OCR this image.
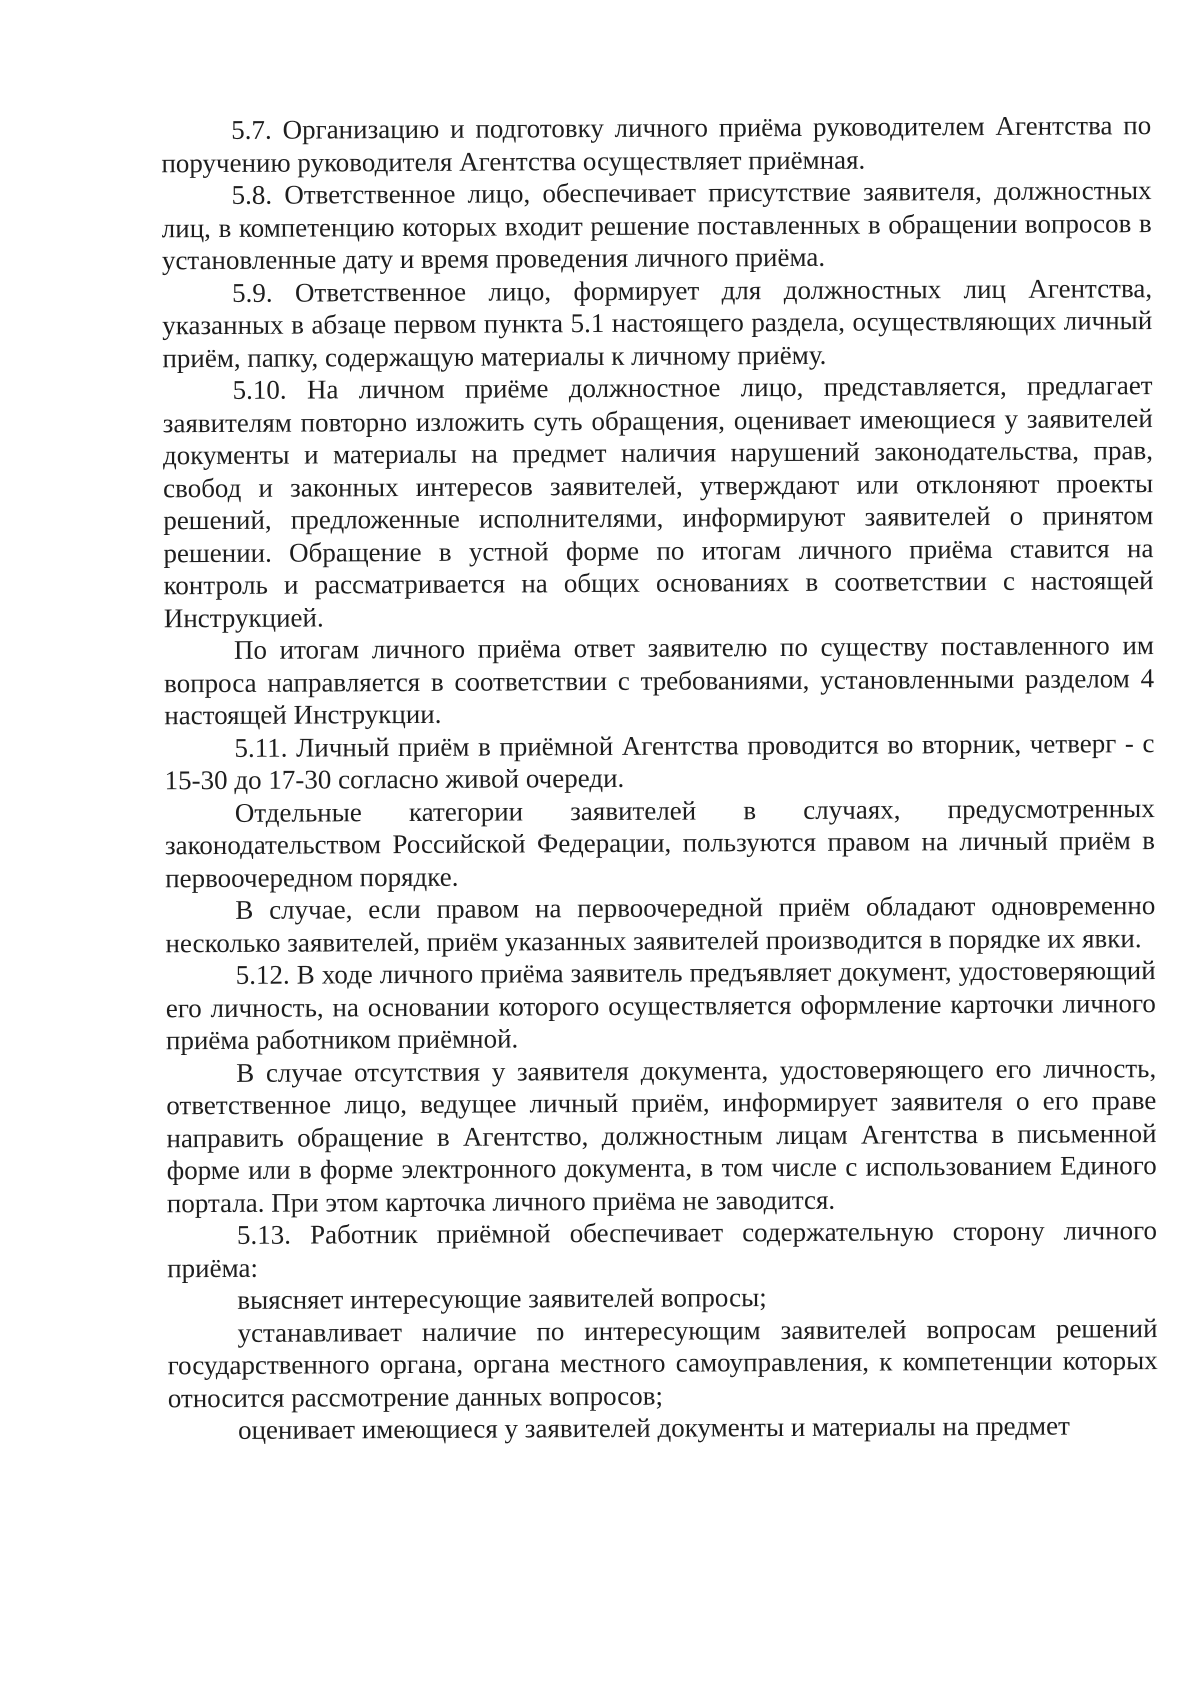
5.7. Организацию и подготовку личного приёма руководителем Агентства по поручению руководителя Агентства осуществляет приёмная.

5.8. Ответственное лицо, обеспечивает присутствие заявителя, должностных лиц, в компетенцию которых входит решение поставленных в обращении вопросов в установленные дату и время проведения личного приёма.

5.9. Ответственное лицо, формирует для должностных лиц Агентства, указанных в абзаце первом пункта 5.1 настоящего раздела, осуществляющих личный приём, папку, содержащую материалы к личному приёму.

5.10. На личном приёме должностное лицо, представляется, предлагает заявителям повторно изложить суть обращения, оценивает имеющиеся у заявителей документы и материалы на предмет наличия нарушений законодательства, прав, свобод и законных интересов заявителей, утверждают или отклоняют проекты решений, предложенные исполнителями, информируют заявителей о принятом решении. Обращение в устной форме по итогам личного приёма ставится на контроль и рассматривается на общих основаниях в соответствии с настоящей Инструкцией.

По итогам личного приёма ответ заявителю по существу поставленного им вопроса направляется в соответствии с требованиями, установленными разделом 4 настоящей Инструкции.

5.11. Личный приём в приёмной Агентства проводится во вторник, четверг - с 15-30 до 17-30 согласно живой очереди.

Отдельные категории заявителей в случаях, предусмотренных законодательством Российской Федерации, пользуются правом на личный приём в первоочередном порядке.

В случае, если правом на первоочередной приём обладают одновременно несколько заявителей, приём указанных заявителей производится в порядке их явки.

5.12. В ходе личного приёма заявитель предъявляет документ, удостоверяющий его личность, на основании которого осуществляется оформление карточки личного приёма работником приёмной.

В случае отсутствия у заявителя документа, удостоверяющего его личность, ответственное лицо, ведущее личный приём, информирует заявителя о его праве направить обращение в Агентство, должностным лицам Агентства в письменной форме или в форме электронного документа, в том числе с использованием Единого портала. При этом карточка личного приёма не заводится.

5.13. Работник приёмной обеспечивает содержательную сторону личного приёма:

выясняет интересующие заявителей вопросы;

устанавливает наличие по интересующим заявителей вопросам решений государственного органа, органа местного самоуправления, к компетенции которых относится рассмотрение данных вопросов;

оценивает имеющиеся у заявителей документы и материалы на предмет
